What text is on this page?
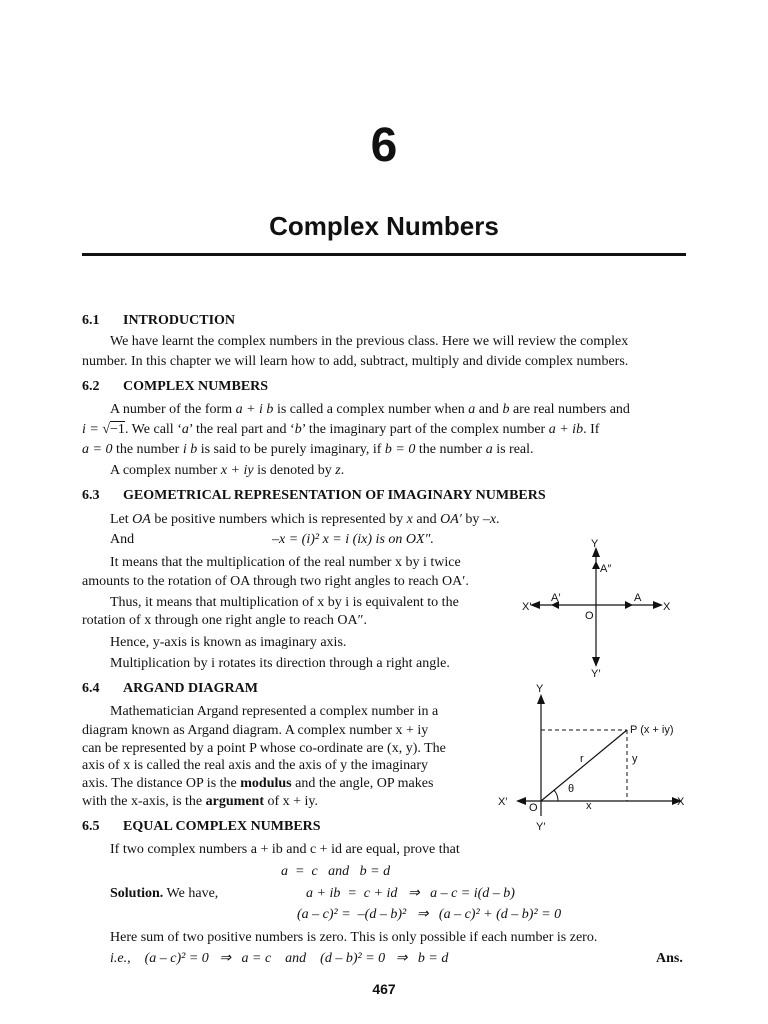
6
Complex Numbers
6.1 INTRODUCTION
We have learnt the complex numbers in the previous class. Here we will review the complex
number. In this chapter we will learn how to add, subtract, multiply and divide complex numbers.
6.2 COMPLEX NUMBERS
A number of the form a + i b is called a complex number when a and b are real numbers and
i = √−1. We call ‘a’ the real part and ‘b’ the imaginary part of the complex number a + ib. If
a = 0 the number i b is said to be purely imaginary, if b = 0 the number a is real.
A complex number x + iy is denoted by z.
6.3 GEOMETRICAL REPRESENTATION OF IMAGINARY NUMBERS
Let OA be positive numbers which is represented by x and OA′ by –x.
And	–x = (i)² x = i (ix) is on OX″.
It means that the multiplication of the real number x by i twice
amounts to the rotation of OA through two right angles to reach OA′.
Thus, it means that multiplication of x by i is equivalent to the
rotation of x through one right angle to reach OA″.
Hence, y-axis is known as imaginary axis.
Multiplication by i rotates its direction through a right angle.
Y
A″
A′	A
X′	X
O
Y′
6.4 ARGAND DIAGRAM
Mathematician Argand represented a complex number in a
diagram known as Argand diagram. A complex number x + iy
can be represented by a point P whose co-ordinate are (x, y). The
axis of x is called the real axis and the axis of y the imaginary
axis. The distance OP is the modulus and the angle, OP makes
with the x-axis, is the argument of x + iy.
Y
P (x + iy)
r	y
θ
x
X′	X
O
Y′
6.5 EQUAL COMPLEX NUMBERS
If two complex numbers a + ib and c + id are equal, prove that
a  =  c   and   b = d
Solution. We have,	a + ib  =  c + id   ⇒   a – c = i(d – b)
(a – c)² =  –(d – b)²   ⇒   (a – c)² + (d – b)² = 0
Here sum of two positive numbers is zero. This is only possible if each number is zero.
i.e.,    (a – c)² = 0   ⇒   a = c    and    (d – b)² = 0   ⇒   b = d	Ans.
467
